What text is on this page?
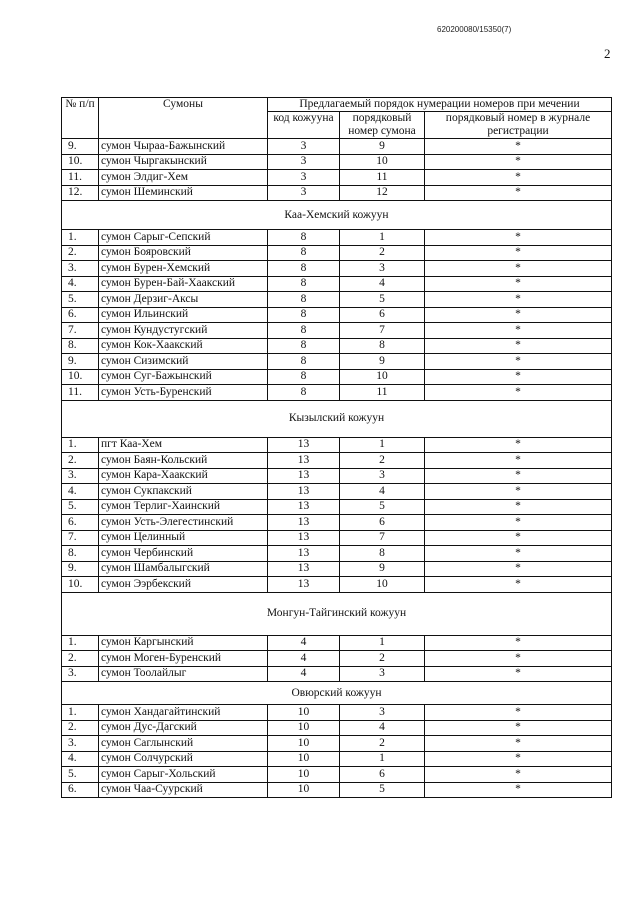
620200080/15350(7)
2
№ п/п	Сумоны	Предлагаемый порядок нумерации номеров при мечении		
		код кожууна	порядковый номер сумона	порядковый номер в журнале регистрации
9.	сумон Чыраа-Бажынский	3	9	*
10.	сумон Чыргакынский	3	10	*
11.	сумон Элдиг-Хем	3	11	*
12.	сумон Шеминский	3	12	*
Каа-Хемский кожуун				
1.	сумон Сарыг-Сепский	8	1	*
2.	сумон Бояровский	8	2	*
3.	сумон Бурен-Хемский	8	3	*
4.	сумон Бурен-Бай-Хаакский	8	4	*
5.	сумон Дерзиг-Аксы	8	5	*
6.	сумон Ильинский	8	6	*
7.	сумон Кундустугский	8	7	*
8.	сумон Кок-Хаакский	8	8	*
9.	сумон Сизимский	8	9	*
10.	сумон Суг-Бажынский	8	10	*
11.	сумон Усть-Буренский	8	11	*
Кызылский кожуун				
1.	пгт Каа-Хем	13	1	*
2.	сумон Баян-Кольский	13	2	*
3.	сумон Кара-Хаакский	13	3	*
4.	сумон Сукпакский	13	4	*
5.	сумон Терлиг-Хаинский	13	5	*
6.	сумон Усть-Элегестинский	13	6	*
7.	сумон Целинный	13	7	*
8.	сумон Чербинский	13	8	*
9.	сумон Шамбалыгский	13	9	*
10.	сумон Ээрбекский	13	10	*
Монгун-Тайгинский кожуун				
1.	сумон Каргынский	4	1	*
2.	сумон Моген-Буренский	4	2	*
3.	сумон Тоолайлыг	4	3	*
Овюрский кожуун				
1.	сумон Хандагайтинский	10	3	*
2.	сумон Дус-Дагский	10	4	*
3.	сумон Саглынский	10	2	*
4.	сумон Солчурский	10	1	*
5.	сумон Сарыг-Хольский	10	6	*
6.	сумон Чаа-Суурский	10	5	*
